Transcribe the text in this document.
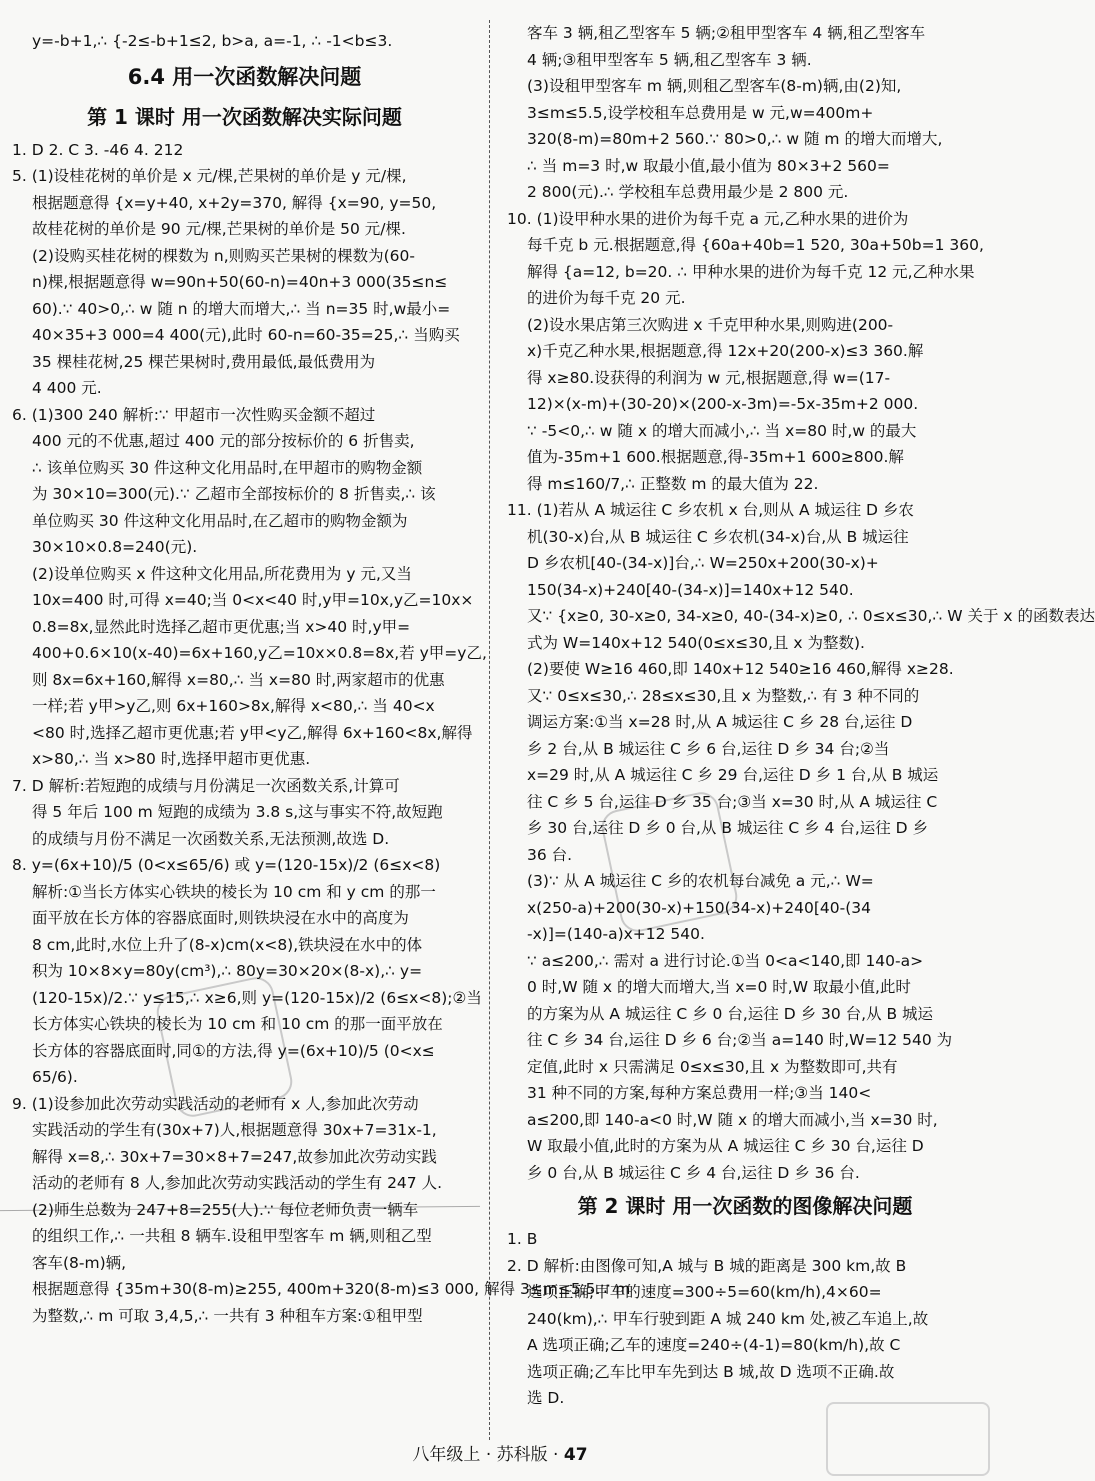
y=-b+1,∴ {-2≤-b+1≤2, b>a, a=-1, ∴ -1<b≤3.
6.4 用一次函数解决问题
第 1 课时 用一次函数解决实际问题
1. D 2. C 3. -46 4. 212
5. (1)设桂花树的单价是 x 元/棵,芒果树的单价是 y 元/棵,
根据题意得 {x=y+40, x+2y=370, 解得 {x=90, y=50,
故桂花树的单价是 90 元/棵,芒果树的单价是 50 元/棵.
(2)设购买桂花树的棵数为 n,则购买芒果树的棵数为(60-
n)棵,根据题意得 w=90n+50(60-n)=40n+3 000(35≤n≤
60).∵ 40>0,∴ w 随 n 的增大而增大,∴ 当 n=35 时,w最小=
40×35+3 000=4 400(元),此时 60-n=60-35=25,∴ 当购买
35 棵桂花树,25 棵芒果树时,费用最低,最低费用为
4 400 元.
6. (1)300 240 解析:∵ 甲超市一次性购买金额不超过
400 元的不优惠,超过 400 元的部分按标价的 6 折售卖,
∴ 该单位购买 30 件这种文化用品时,在甲超市的购物金额
为 30×10=300(元).∵ 乙超市全部按标价的 8 折售卖,∴ 该
单位购买 30 件这种文化用品时,在乙超市的购物金额为
30×10×0.8=240(元).
(2)设单位购买 x 件这种文化用品,所花费用为 y 元,又当
10x=400 时,可得 x=40;当 0<x<40 时,y甲=10x,y乙=10x×
0.8=8x,显然此时选择乙超市更优惠;当 x>40 时,y甲=
400+0.6×10(x-40)=6x+160,y乙=10x×0.8=8x,若 y甲=y乙,
则 8x=6x+160,解得 x=80,∴ 当 x=80 时,两家超市的优惠
一样;若 y甲>y乙,则 6x+160>8x,解得 x<80,∴ 当 40<x
<80 时,选择乙超市更优惠;若 y甲<y乙,解得 6x+160<8x,解得
x>80,∴ 当 x>80 时,选择甲超市更优惠.
7. D 解析:若短跑的成绩与月份满足一次函数关系,计算可
得 5 年后 100 m 短跑的成绩为 3.8 s,这与事实不符,故短跑
的成绩与月份不满足一次函数关系,无法预测,故选 D.
8. y=(6x+10)/5 (0<x≤65/6) 或 y=(120-15x)/2 (6≤x<8)
解析:①当长方体实心铁块的棱长为 10 cm 和 y cm 的那一
面平放在长方体的容器底面时,则铁块浸在水中的高度为
8 cm,此时,水位上升了(8-x)cm(x<8),铁块浸在水中的体
积为 10×8×y=80y(cm³),∴ 80y=30×20×(8-x),∴ y=
(120-15x)/2.∵ y≤15,∴ x≥6,则 y=(120-15x)/2 (6≤x<8);②当
长方体实心铁块的棱长为 10 cm 和 10 cm 的那一面平放在
长方体的容器底面时,同①的方法,得 y=(6x+10)/5 (0<x≤
65/6).
9. (1)设参加此次劳动实践活动的老师有 x 人,参加此次劳动
实践活动的学生有(30x+7)人,根据题意得 30x+7=31x-1,
解得 x=8,∴ 30x+7=30×8+7=247,故参加此次劳动实践
活动的老师有 8 人,参加此次劳动实践活动的学生有 247 人.
(2)师生总数为 247+8=255(人).∵ 每位老师负责一辆车
的组织工作,∴ 一共租 8 辆车.设租甲型客车 m 辆,则租乙型
客车(8-m)辆,
根据题意得 {35m+30(8-m)≥255, 400m+320(8-m)≤3 000, 解得 3≤m≤5.5.∵ m
为整数,∴ m 可取 3,4,5,∴ 一共有 3 种租车方案:①租甲型
客车 3 辆,租乙型客车 5 辆;②租甲型客车 4 辆,租乙型客车
4 辆;③租甲型客车 5 辆,租乙型客车 3 辆.
(3)设租甲型客车 m 辆,则租乙型客车(8-m)辆,由(2)知,
3≤m≤5.5,设学校租车总费用是 w 元,w=400m+
320(8-m)=80m+2 560.∵ 80>0,∴ w 随 m 的增大而增大,
∴ 当 m=3 时,w 取最小值,最小值为 80×3+2 560=
2 800(元).∴ 学校租车总费用最少是 2 800 元.
10. (1)设甲种水果的进价为每千克 a 元,乙种水果的进价为
每千克 b 元.根据题意,得 {60a+40b=1 520, 30a+50b=1 360,
解得 {a=12, b=20. ∴ 甲种水果的进价为每千克 12 元,乙种水果
的进价为每千克 20 元.
(2)设水果店第三次购进 x 千克甲种水果,则购进(200-
x)千克乙种水果,根据题意,得 12x+20(200-x)≤3 360.解
得 x≥80.设获得的利润为 w 元,根据题意,得 w=(17-
12)×(x-m)+(30-20)×(200-x-3m)=-5x-35m+2 000.
∵ -5<0,∴ w 随 x 的增大而减小,∴ 当 x=80 时,w 的最大
值为-35m+1 600.根据题意,得-35m+1 600≥800.解
得 m≤160/7,∴ 正整数 m 的最大值为 22.
11. (1)若从 A 城运往 C 乡农机 x 台,则从 A 城运往 D 乡农
机(30-x)台,从 B 城运往 C 乡农机(34-x)台,从 B 城运往
D 乡农机[40-(34-x)]台,∴ W=250x+200(30-x)+
150(34-x)+240[40-(34-x)]=140x+12 540.
又∵ {x≥0, 30-x≥0, 34-x≥0, 40-(34-x)≥0, ∴ 0≤x≤30,∴ W 关于 x 的函数表达
式为 W=140x+12 540(0≤x≤30,且 x 为整数).
(2)要使 W≥16 460,即 140x+12 540≥16 460,解得 x≥28.
又∵ 0≤x≤30,∴ 28≤x≤30,且 x 为整数,∴ 有 3 种不同的
调运方案:①当 x=28 时,从 A 城运往 C 乡 28 台,运往 D
乡 2 台,从 B 城运往 C 乡 6 台,运往 D 乡 34 台;②当
x=29 时,从 A 城运往 C 乡 29 台,运往 D 乡 1 台,从 B 城运
往 C 乡 5 台,运往 D 乡 35 台;③当 x=30 时,从 A 城运往 C
乡 30 台,运往 D 乡 0 台,从 B 城运往 C 乡 4 台,运往 D 乡
36 台.
(3)∵ 从 A 城运往 C 乡的农机每台减免 a 元,∴ W=
x(250-a)+200(30-x)+150(34-x)+240[40-(34
-x)]=(140-a)x+12 540.
∵ a≤200,∴ 需对 a 进行讨论.①当 0<a<140,即 140-a>
0 时,W 随 x 的增大而增大,当 x=0 时,W 取最小值,此时
的方案为从 A 城运往 C 乡 0 台,运往 D 乡 30 台,从 B 城运
往 C 乡 34 台,运往 D 乡 6 台;②当 a=140 时,W=12 540 为
定值,此时 x 只需满足 0≤x≤30,且 x 为整数即可,共有
31 种不同的方案,每种方案总费用一样;③当 140<
a≤200,即 140-a<0 时,W 随 x 的增大而减小,当 x=30 时,
W 取最小值,此时的方案为从 A 城运往 C 乡 30 台,运往 D
乡 0 台,从 B 城运往 C 乡 4 台,运往 D 乡 36 台.
第 2 课时 用一次函数的图像解决问题
1. B
2. D 解析:由图像可知,A 城与 B 城的距离是 300 km,故 B
选项正确;甲车的速度=300÷5=60(km/h),4×60=
240(km),∴ 甲车行驶到距 A 城 240 km 处,被乙车追上,故
A 选项正确;乙车的速度=240÷(4-1)=80(km/h),故 C
选项正确;乙车比甲车先到达 B 城,故 D 选项不正确.故
选 D.
八年级上 · 苏科版 · 47
